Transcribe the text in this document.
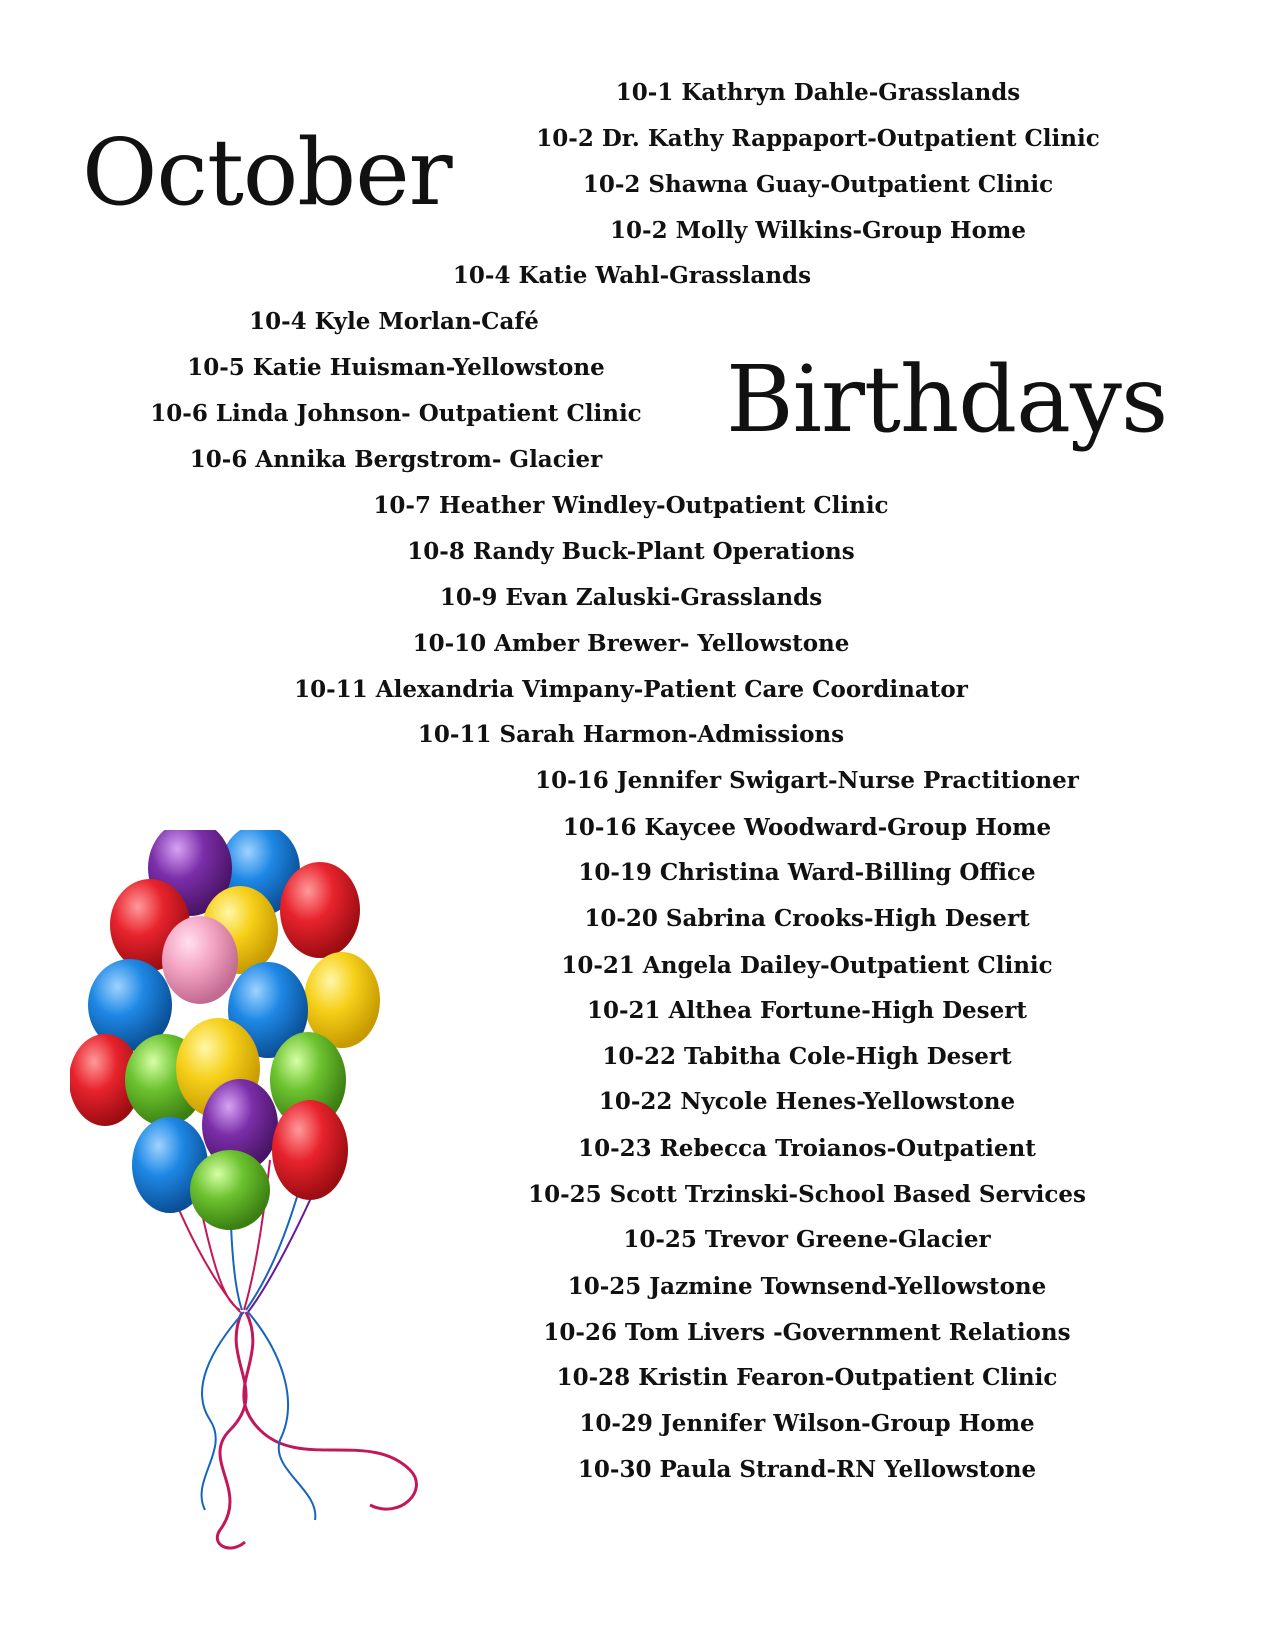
October
Birthdays
10-1 Kathryn Dahle-Grasslands
10-2 Dr. Kathy Rappaport-Outpatient Clinic
10-2 Shawna Guay-Outpatient Clinic
10-2 Molly Wilkins-Group Home
10-4 Katie Wahl-Grasslands
10-4 Kyle Morlan-Café
10-5 Katie Huisman-Yellowstone
10-6 Linda Johnson- Outpatient Clinic
10-6 Annika Bergstrom- Glacier
10-7 Heather Windley-Outpatient Clinic
10-8 Randy Buck-Plant Operations
10-9 Evan Zaluski-Grasslands
10-10 Amber Brewer- Yellowstone
10-11 Alexandria Vimpany-Patient Care Coordinator
10-11 Sarah Harmon-Admissions
10-16 Jennifer Swigart-Nurse Practitioner
10-16 Kaycee Woodward-Group Home
10-19 Christina Ward-Billing Office
10-20 Sabrina Crooks-High Desert
10-21 Angela Dailey-Outpatient Clinic
10-21 Althea Fortune-High Desert
10-22 Tabitha Cole-High Desert
10-22 Nycole Henes-Yellowstone
10-23 Rebecca Troianos-Outpatient
10-25 Scott Trzinski-School Based Services
10-25 Trevor Greene-Glacier
10-25 Jazmine Townsend-Yellowstone
10-26 Tom Livers -Government Relations
10-28 Kristin Fearon-Outpatient Clinic
10-29 Jennifer Wilson-Group Home
10-30 Paula Strand-RN Yellowstone
